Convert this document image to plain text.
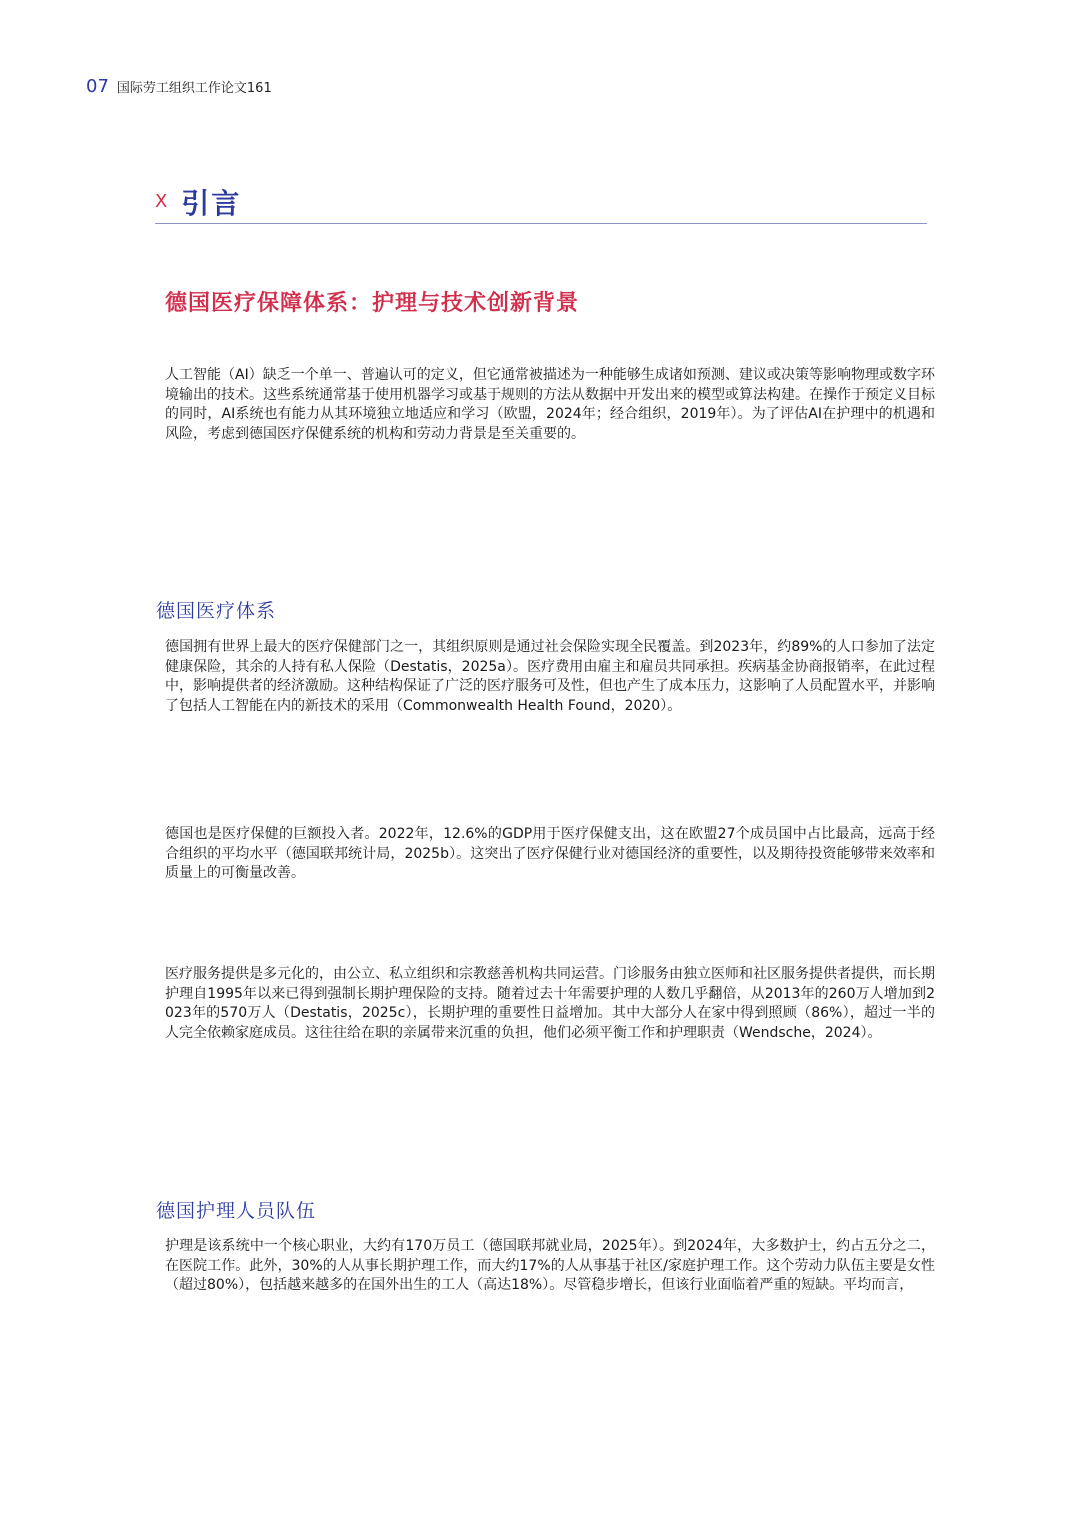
07 国际劳工组织工作论文161
X 引言
德国医疗保障体系：护理与技术创新背景

人工智能（AI）缺乏一个单一、普遍认可的定义，但它通常被描述为一种能够生成诸如预测、建议或决策等影响物理或数字环境输出的技术。这些系统通常基于使用机器学习或基于规则的方法从数据中开发出来的模型或算法构建。在操作于预定义目标的同时，AI系统也有能力从其环境独立地适应和学习（欧盟，2024年；经合组织，2019年）。为了评估AI在护理中的机遇和风险，考虑到德国医疗保健系统的机构和劳动力背景是至关重要的。

德国医疗体系

德国拥有世界上最大的医疗保健部门之一，其组织原则是通过社会保险实现全民覆盖。到2023年，约89%的人口参加了法定健康保险，其余的人持有私人保险（Destatis，2025a）。医疗费用由雇主和雇员共同承担。疾病基金协商报销率，在此过程中，影响提供者的经济激励。这种结构保证了广泛的医疗服务可及性，但也产生了成本压力，这影响了人员配置水平，并影响了包括人工智能在内的新技术的采用（Commonwealth Health Found，2020）。

德国也是医疗保健的巨额投入者。2022年，12.6%的GDP用于医疗保健支出，这在欧盟27个成员国中占比最高，远高于经合组织的平均水平（德国联邦统计局，2025b）。这突出了医疗保健行业对德国经济的重要性，以及期待投资能够带来效率和质量上的可衡量改善。

医疗服务提供是多元化的，由公立、私立组织和宗教慈善机构共同运营。门诊服务由独立医师和社区服务提供者提供，而长期护理自1995年以来已得到强制长期护理保险的支持。随着过去十年需要护理的人数几乎翻倍，从2013年的260万人增加到2023年的570万人（Destatis，2025c），长期护理的重要性日益增加。其中大部分人在家中得到照顾（86%），超过一半的人完全依赖家庭成员。这往往给在职的亲属带来沉重的负担，他们必须平衡工作和护理职责（Wendsche，2024）。

德国护理人员队伍

护理是该系统中一个核心职业，大约有170万员工（德国联邦就业局，2025年）。到2024年，大多数护士，约占五分之二，在医院工作。此外，30%的人从事长期护理工作，而大约17%的人从事基于社区/家庭护理工作。这个劳动力队伍主要是女性（超过80%），包括越来越多的在国外出生的工人（高达18%）。尽管稳步增长，但该行业面临着严重的短缺。平均而言，
